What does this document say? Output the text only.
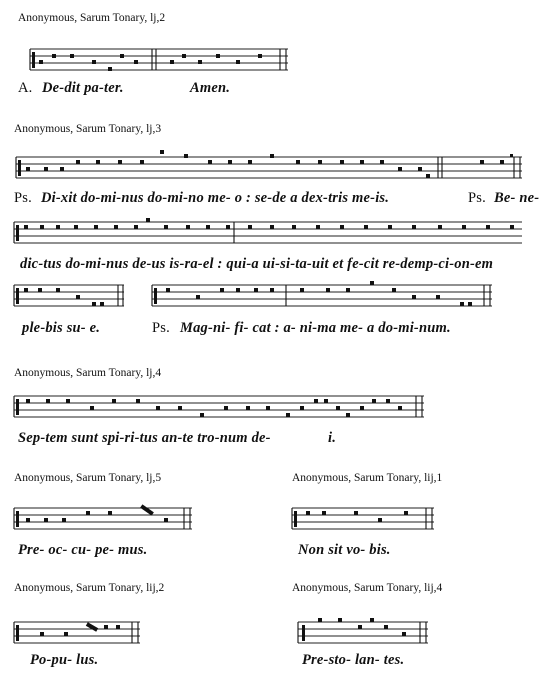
Anonymous, Sarum Tonary, lj,2
A. De-dit pa-ter.	Amen.
Anonymous, Sarum Tonary, lj,3
Ps. Di-xit do-mi-nus do-mi-no me- o : se-de a dex-tris me-is.	Ps. Be- ne-
dic-tus do-mi-nus de-us is-ra-el : qui-a ui-si-ta-uit et fe-cit re-demp-ci-on-em
ple-bis su- e.	Ps. Mag-ni- fi- cat : a- ni-ma me- a do-mi-num.
Anonymous, Sarum Tonary, lj,4
Sep-tem sunt spi-ri-tus an-te tro-num de-	i.
Anonymous, Sarum Tonary, lj,5
Pre- oc- cu- pe- mus.
Anonymous, Sarum Tonary, lij,1
Non sit vo- bis.
Anonymous, Sarum Tonary, lij,2
Po-pu- lus.
Anonymous, Sarum Tonary, lij,4
Pre-sto- lan- tes.
